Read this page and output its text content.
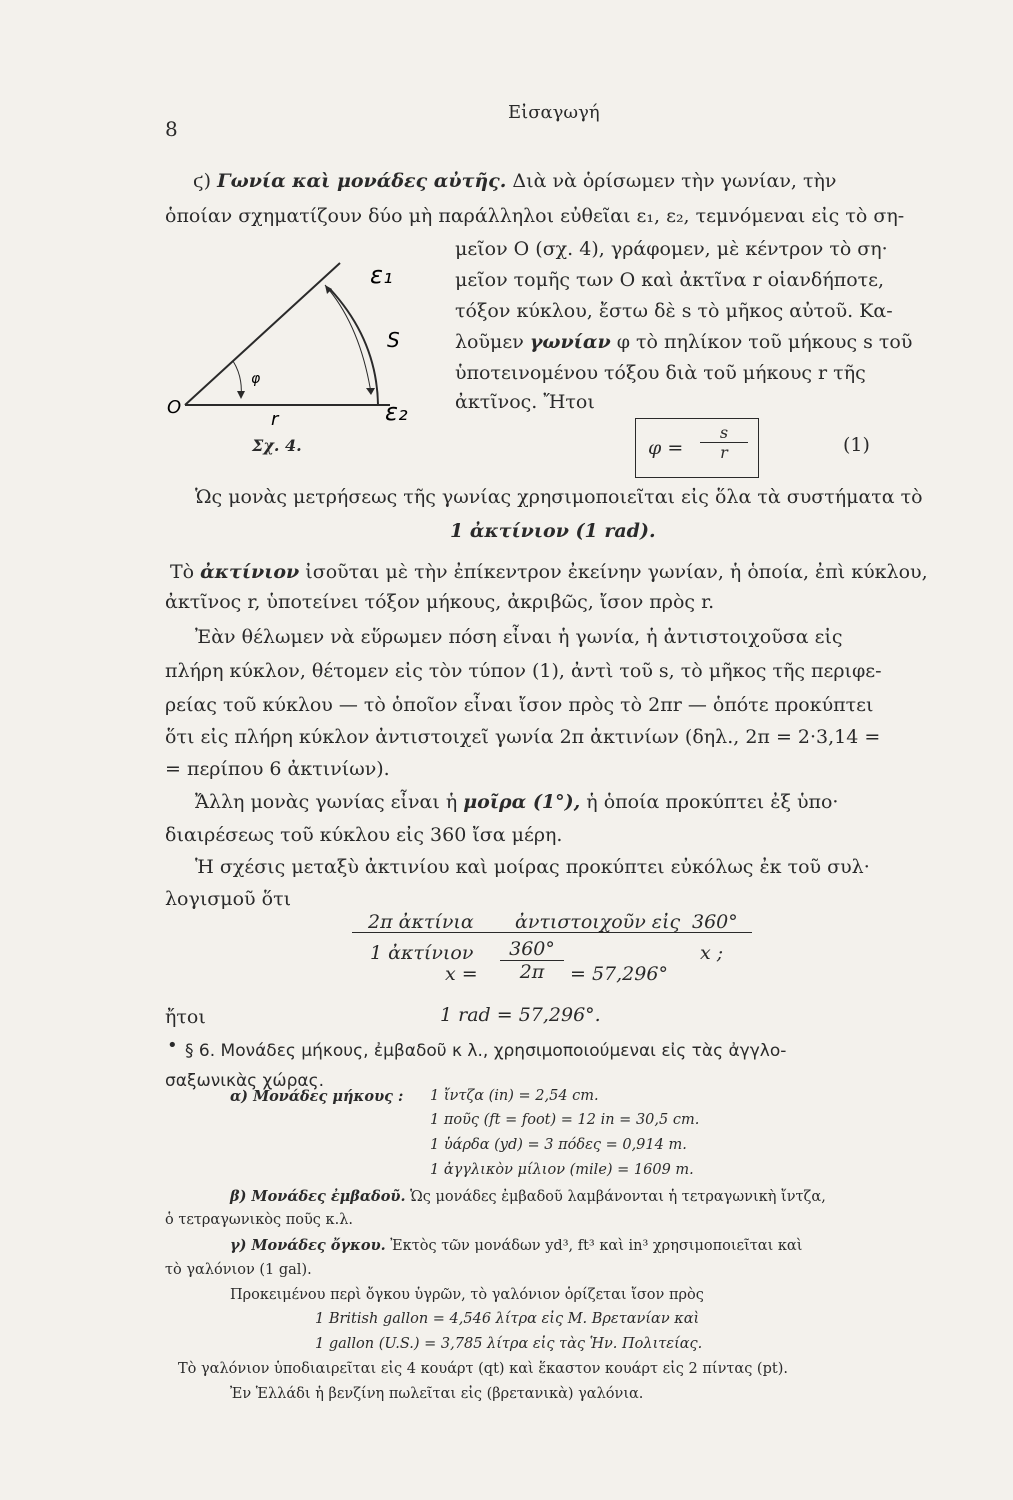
8
Εἰσαγωγή
ϛ) Γωνία καὶ μονάδες αὐτῆς. Διὰ νὰ ὁρίσωμεν τὴν γωνίαν, τὴν
ὁποίαν σχηματίζουν δύο μὴ παράλληλοι εὐθεῖαι ε₁, ε₂, τεμνόμεναι εἰς τὸ ση-
μεῖον O (σχ. 4), γράφομεν, μὲ κέντρον τὸ ση·
μεῖον τομῆς των O καὶ ἀκτῖνα r οἱανδήποτε,
τόξον κύκλου, ἔστω δὲ s τὸ μῆκος αὐτοῦ. Κα-
λοῦμεν γωνίαν φ τὸ πηλίκον τοῦ μήκους s τοῦ
ὑποτεινομένου τόξου διὰ τοῦ μήκους r τῆς
ἀκτῖνος. Ἤτοι
ε₁
ε₂
S
O
r
φ
Σχ. 4.	$\varphi = \frac{s}{r}$	(1)
Ὡς μονὰς μετρήσεως τῆς γωνίας χρησιμοποιεῖται εἰς ὅλα τὰ συστήματα τὸ
1 ἀκτίνιον (1 rad).
Τὸ ἀκτίνιον ἰσοῦται μὲ τὴν ἐπίκεντρον ἐκείνην γωνίαν, ἡ ὁποία, ἐπὶ κύκλου,
ἀκτῖνος r, ὑποτείνει τόξον μήκους, ἀκριβῶς, ἴσον πρὸς r.
Ἐὰν θέλωμεν νὰ εὕρωμεν πόση εἶναι ἡ γωνία, ἡ ἀντιστοιχοῦσα εἰς
πλήρη κύκλον, θέτομεν εἰς τὸν τύπον (1), ἀντὶ τοῦ s, τὸ μῆκος τῆς περιφε-
ρείας τοῦ κύκλου — τὸ ὁποῖον εἶναι ἴσον πρὸς τὸ 2πr — ὁπότε προκύπτει
ὅτι εἰς πλήρη κύκλον ἀντιστοιχεῖ γωνία 2π ἀκτινίων (δηλ., 2π = 2·3,14 =
= περίπου 6 ἀκτινίων).
Ἄλλη μονὰς γωνίας εἶναι ἡ μοῖρα (1°), ἡ ὁποία προκύπτει ἐξ ὑπο·
διαιρέσεως τοῦ κύκλου εἰς 360 ἴσα μέρη.
Ἡ σχέσις μεταξὺ ἀκτινίου καὶ μοίρας προκύπτει εὐκόλως ἐκ τοῦ συλ·
λογισμοῦ ὅτι
2π ἀκτίνια ἀντιστοιχοῦν εἰς 360°
1 ἀκτίνιον	x ;
$x = \frac{360^\circ}{2\pi} = 57,296^\circ$
ἤτοι	1 rad = 57,296°.
• § 6. Μονάδες μήκους, ἐμβαδοῦ κ λ., χρησιμοποιούμεναι εἰς τὰς ἀγγλο-
σαξωνικὰς χώρας.
α) Μονάδες μήκους : 1 ἴντζα (in) = 2,54 cm.
1 ποῦς (ft = foot) = 12 in = 30,5 cm.
1 ὑάρδα (yd) = 3 πόδες = 0,914 m.
1 ἀγγλικὸν μίλιον (mile) = 1609 m.
β) Μονάδες ἐμβαδοῦ. Ὡς μονάδες ἐμβαδοῦ λαμβάνονται ἡ τετραγωνικὴ ἴντζα,
ὁ τετραγωνικὸς ποῦς κ.λ.
γ) Μονάδες ὄγκου. Ἐκτὸς τῶν μονάδων yd³, ft³ καὶ in³ χρησιμοποιεῖται καὶ
τὸ γαλόνιον (1 gal).
Προκειμένου περὶ ὄγκου ὑγρῶν, τὸ γαλόνιον ὁρίζεται ἴσον πρὸς
1 British gallon = 4,546 λίτρα εἰς Μ. Βρετανίαν καὶ
1 gallon (U.S.) = 3,785 λίτρα εἰς τὰς Ἡν. Πολιτείας.
Τὸ γαλόνιον ὑποδιαιρεῖται εἰς 4 κουάρτ (qt) καὶ ἕκαστον κουάρτ εἰς 2 πίντας (pt).
Ἐν Ἑλλάδι ἡ βενζίνη πωλεῖται εἰς (βρετανικὰ) γαλόνια.
